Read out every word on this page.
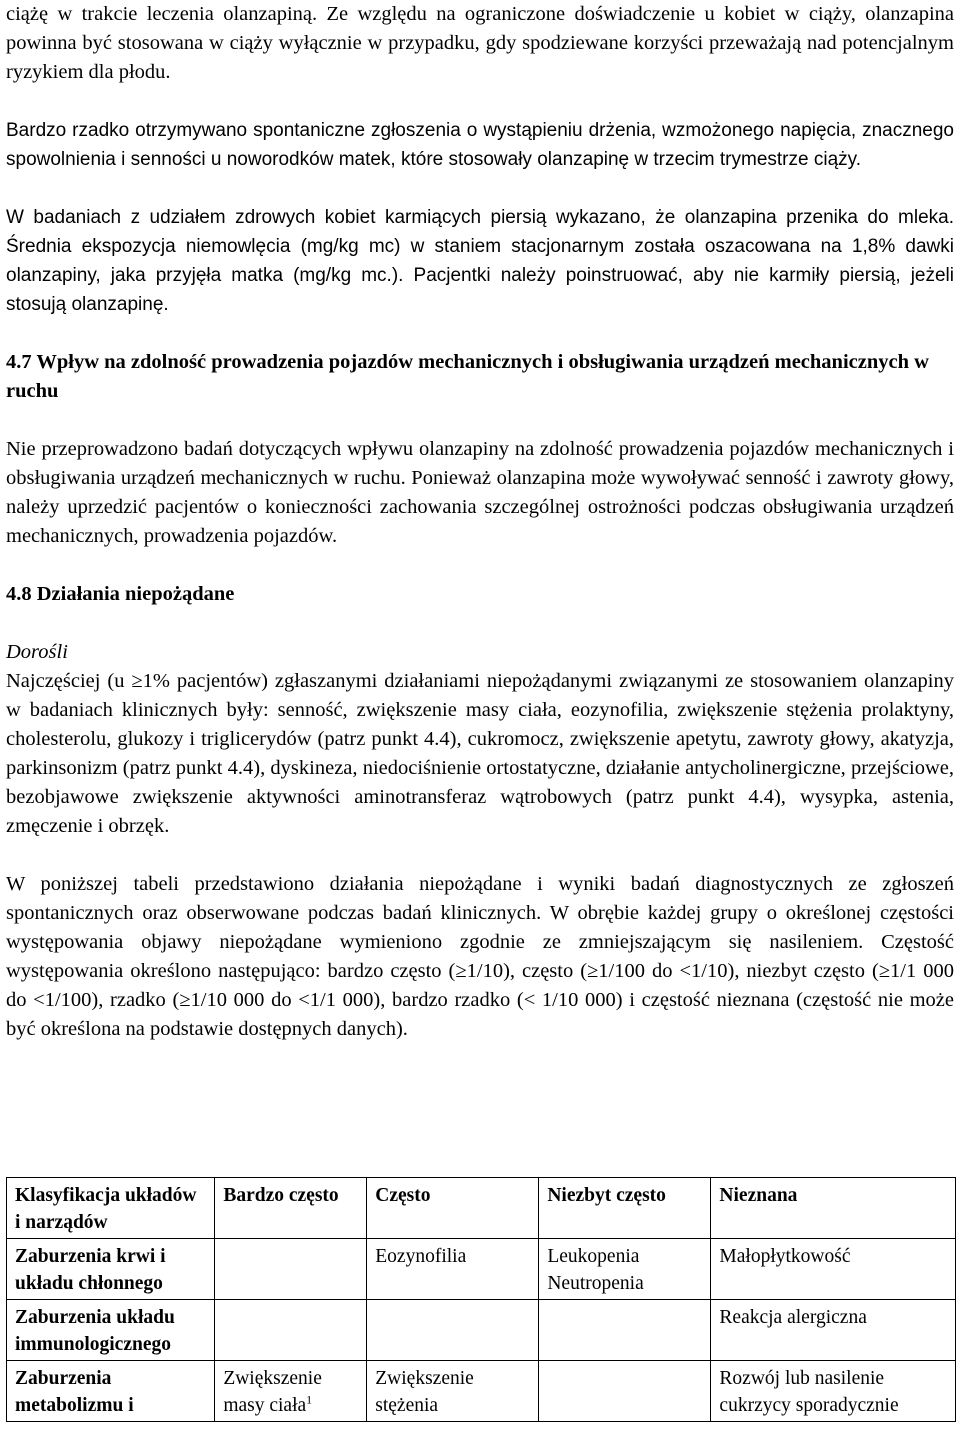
ciążę w trakcie leczenia olanzapiną. Ze względu na ograniczone doświadczenie u kobiet w ciąży, olanzapina powinna być stosowana w ciąży wyłącznie w przypadku, gdy spodziewane korzyści przeważają nad potencjalnym ryzykiem dla płodu.

Bardzo rzadko otrzymywano spontaniczne zgłoszenia o wystąpieniu drżenia, wzmożonego napięcia, znacznego spowolnienia i senności u noworodków matek, które stosowały olanzapinę w trzecim trymestrze ciąży.

W badaniach z udziałem zdrowych kobiet karmiących piersią wykazano, że olanzapina przenika do mleka. Średnia ekspozycja niemowlęcia (mg/kg mc) w staniem stacjonarnym została oszacowana na 1,8% dawki olanzapiny, jaka przyjęła matka (mg/kg mc.). Pacjentki należy poinstruować, aby nie karmiły piersią, jeżeli stosują olanzapinę.

4.7 Wpływ na zdolność prowadzenia pojazdów mechanicznych i obsługiwania urządzeń mechanicznych w ruchu

Nie przeprowadzono badań dotyczących wpływu olanzapiny na zdolność prowadzenia pojazdów mechanicznych i obsługiwania urządzeń mechanicznych w ruchu. Ponieważ olanzapina może wywoływać senność i zawroty głowy, należy uprzedzić pacjentów o konieczności zachowania szczególnej ostrożności podczas obsługiwania urządzeń mechanicznych, prowadzenia pojazdów.

4.8 Działania niepożądane

Dorośli

Najczęściej (u ≥1% pacjentów) zgłaszanymi działaniami niepożądanymi związanymi ze stosowaniem olanzapiny w badaniach klinicznych były: senność, zwiększenie masy ciała, eozynofilia, zwiększenie stężenia prolaktyny, cholesterolu, glukozy i triglicerydów (patrz punkt 4.4), cukromocz, zwiększenie apetytu, zawroty głowy, akatyzja, parkinsonizm (patrz punkt 4.4), dyskineza, niedociśnienie ortostatyczne, działanie antycholinergiczne, przejściowe, bezobjawowe zwiększenie aktywności aminotransferaz wątrobowych (patrz punkt 4.4), wysypka, astenia, zmęczenie i obrzęk.

W poniższej tabeli przedstawiono działania niepożądane i wyniki badań diagnostycznych ze zgłoszeń spontanicznych oraz obserwowane podczas badań klinicznych. W obrębie każdej grupy o określonej częstości występowania objawy niepożądane wymieniono zgodnie ze zmniejszającym się nasileniem. Częstość występowania określono następująco: bardzo często (≥1/10), często (≥1/100 do <1/10), niezbyt często (≥1/1 000 do <1/100), rzadko (≥1/10 000 do <1/1 000), bardzo rzadko (< 1/10 000) i częstość nieznana (częstość nie może być określona na podstawie dostępnych danych).

Klasyfikacja układów i narządów	Bardzo często	Często	Niezbyt często	Nieznana
Zaburzenia krwi i układu chłonnego		Eozynofilia	Leukopenia Neutropenia	Małopłytkowość
Zaburzenia układu immunologicznego				Reakcja alergiczna
Zaburzenia metabolizmu i	Zwiększenie masy ciała$^1$	Zwiększenie stężenia		Rozwój lub nasilenie cukrzycy sporadycznie
